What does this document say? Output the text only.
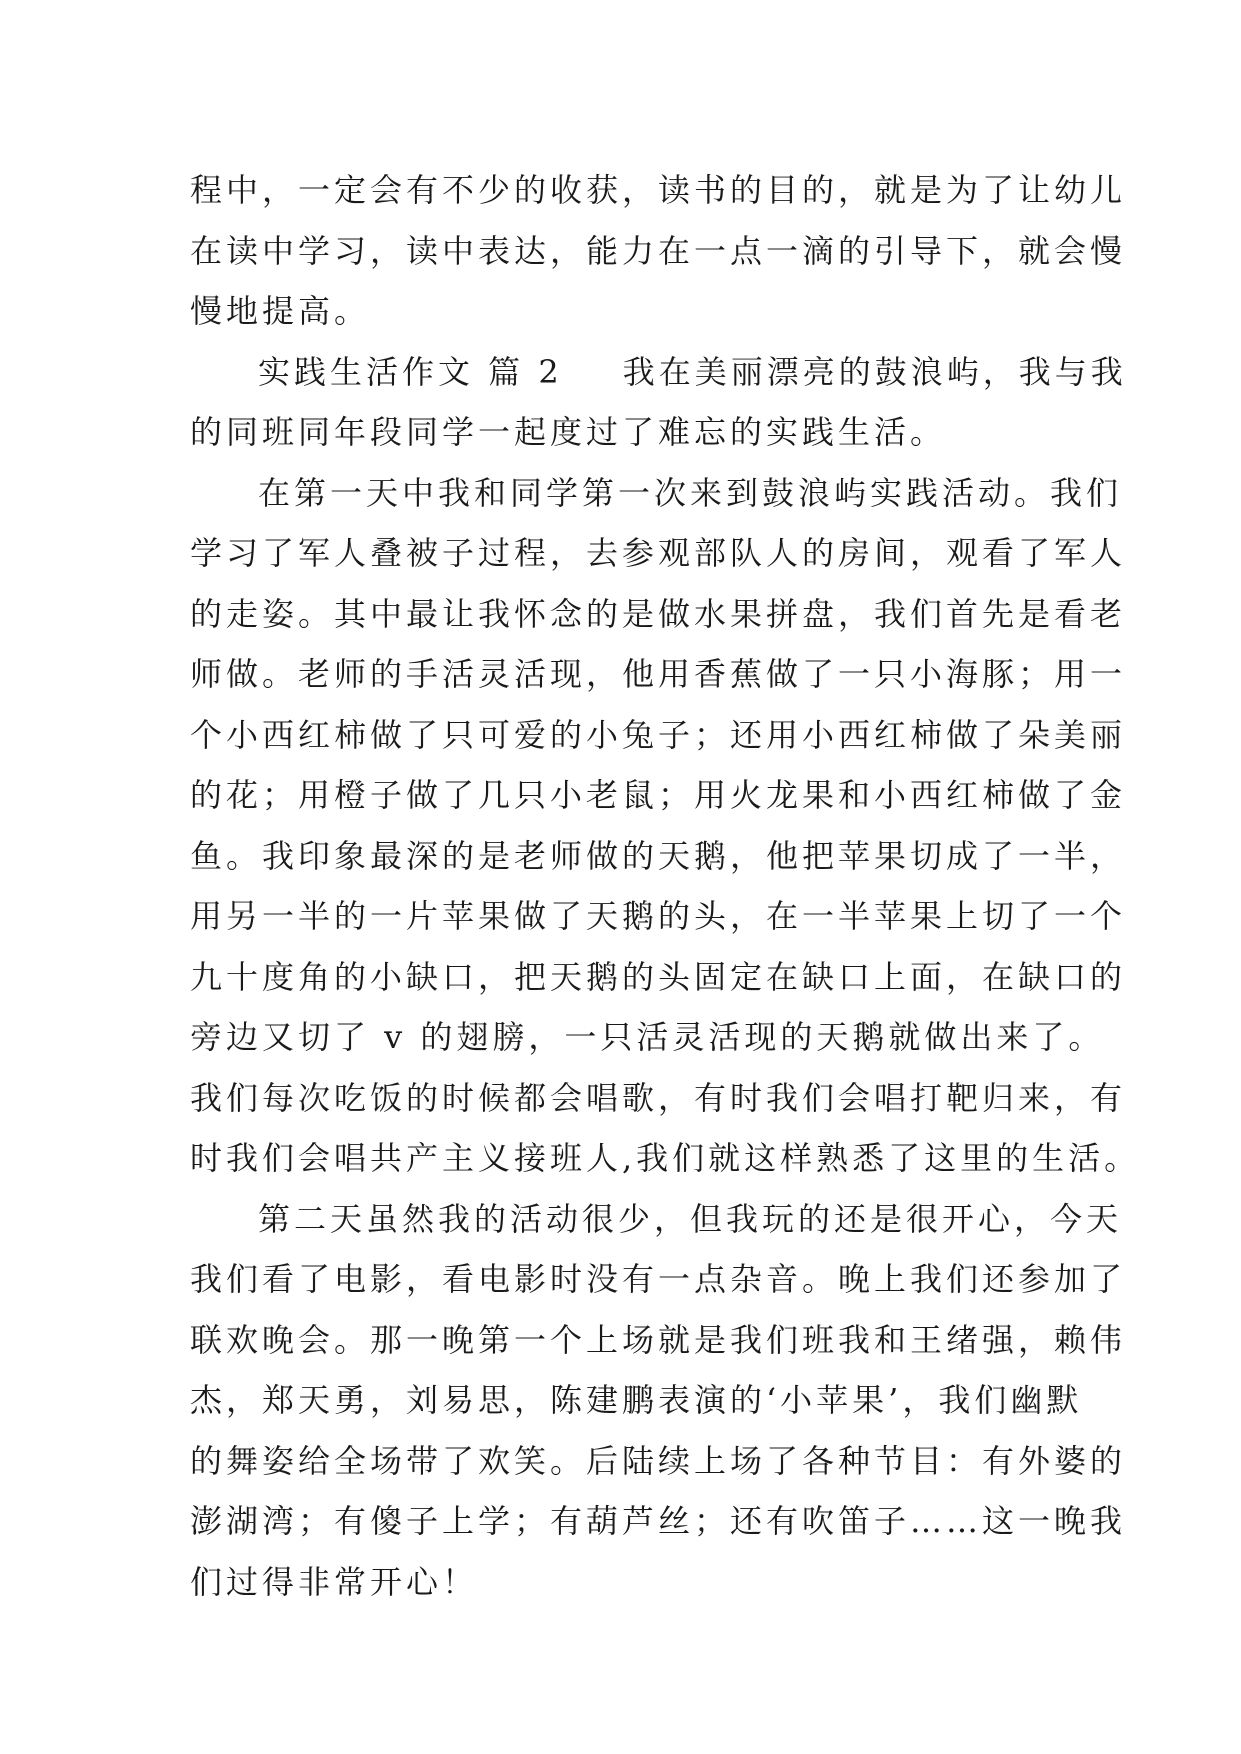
程中，一定会有不少的收获，读书的目的，就是为了让幼儿
在读中学习，读中表达，能力在一点一滴的引导下，就会慢
慢地提高。
实践生活作文 篇 2 我在美丽漂亮的鼓浪屿，我与我
的同班同年段同学一起度过了难忘的实践生活。
在第一天中我和同学第一次来到鼓浪屿实践活动。我们
学习了军人叠被子过程，去参观部队人的房间，观看了军人
的走姿。其中最让我怀念的是做水果拼盘，我们首先是看老
师做。老师的手活灵活现，他用香蕉做了一只小海豚；用一
个小西红柿做了只可爱的小兔子；还用小西红柿做了朵美丽
的花；用橙子做了几只小老鼠；用火龙果和小西红柿做了金
鱼。我印象最深的是老师做的天鹅，他把苹果切成了一半，
用另一半的一片苹果做了天鹅的头，在一半苹果上切了一个
九十度角的小缺口，把天鹅的头固定在缺口上面，在缺口的
旁边又切了 v 的翅膀，一只活灵活现的天鹅就做出来了。
我们每次吃饭的时候都会唱歌，有时我们会唱打靶归来，有
时我们会唱共产主义接班人,我们就这样熟悉了这里的生活。
第二天虽然我的活动很少，但我玩的还是很开心，今天
我们看了电影，看电影时没有一点杂音。晚上我们还参加了
联欢晚会。那一晚第一个上场就是我们班我和王绪强，赖伟
杰，郑天勇，刘易思，陈建鹏表演的‘小苹果’，我们幽默
的舞姿给全场带了欢笑。后陆续上场了各种节目：有外婆的
澎湖湾；有傻子上学；有葫芦丝；还有吹笛子……这一晚我
们过得非常开心！
